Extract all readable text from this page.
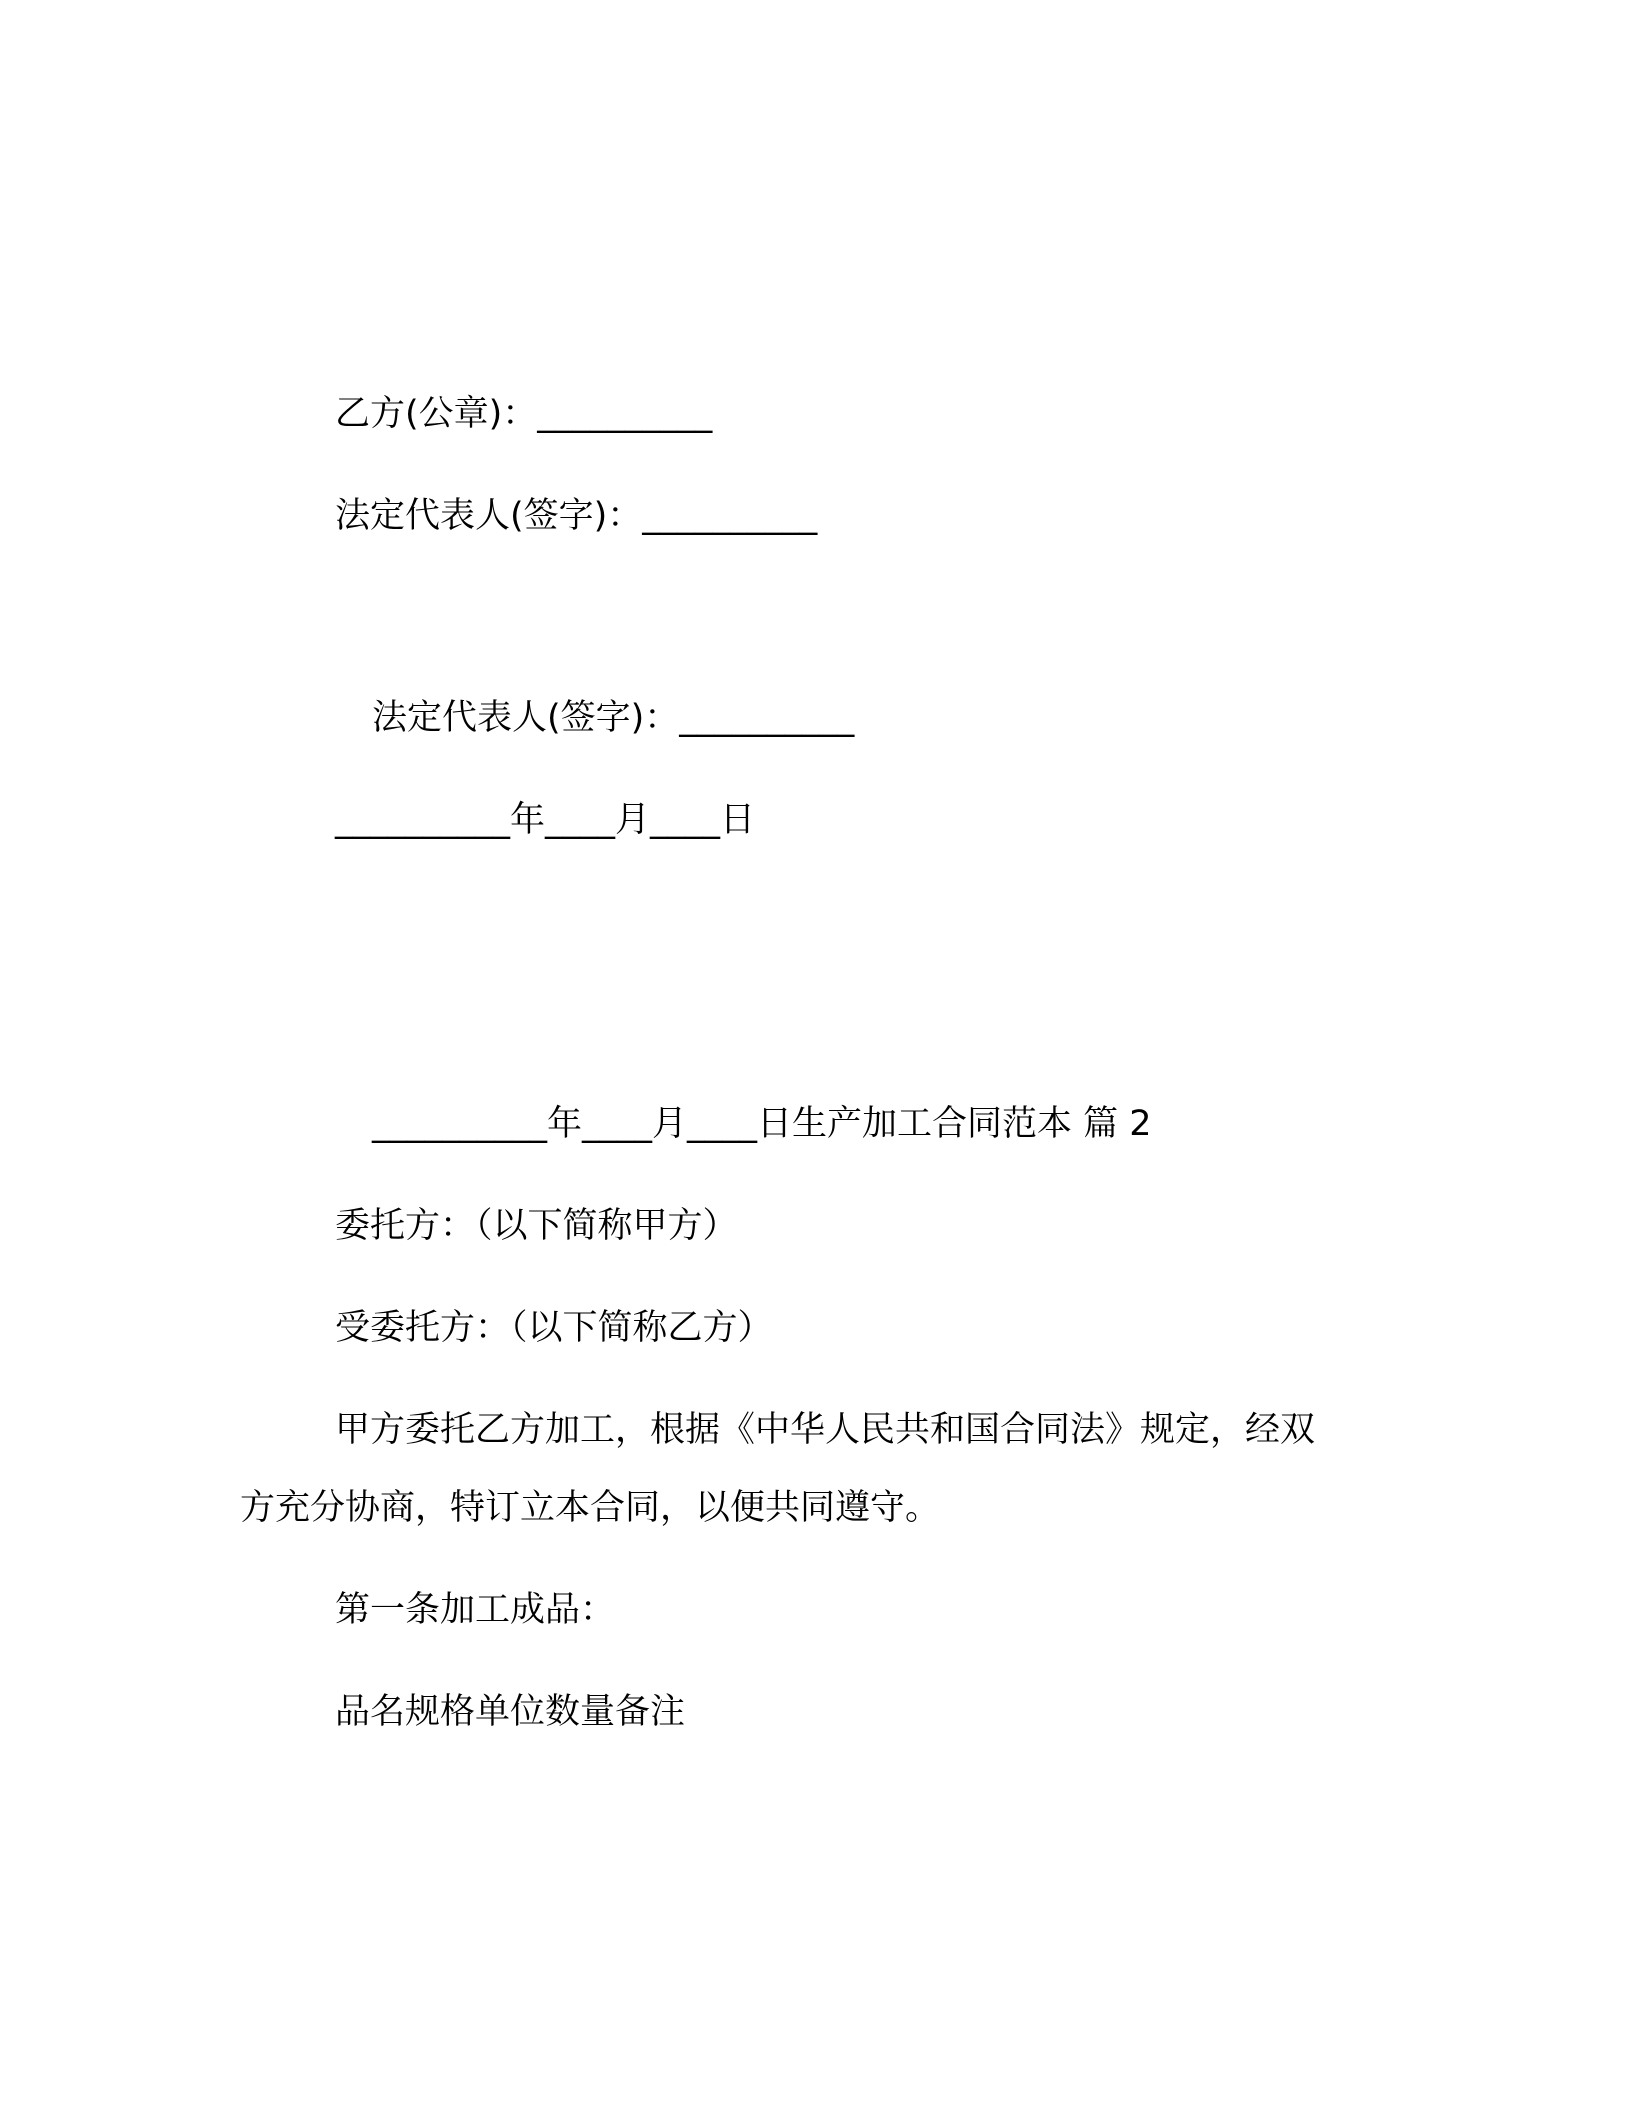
乙方(公章)：__________
法定代表人(签字)：__________
法定代表人(签字)：__________
__________年____月____日
__________年____月____日生产加工合同范本 篇 2
委托方：（以下简称甲方）
受委托方：（以下简称乙方）
甲方委托乙方加工，根据《中华人民共和国合同法》规定，经双
方充分协商，特订立本合同，以便共同遵守。
第一条加工成品：
品名规格单位数量备注
